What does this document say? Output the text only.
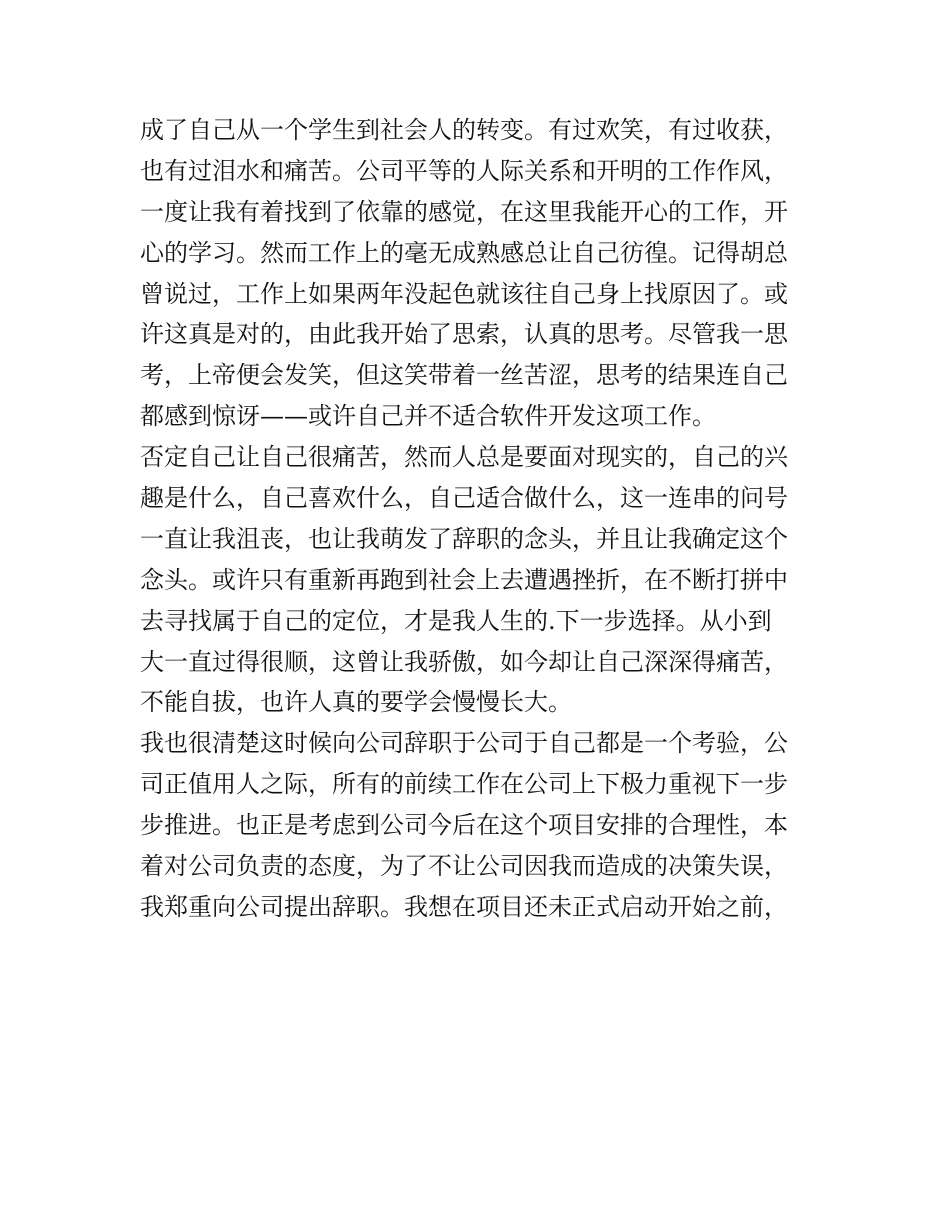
成了自己从一个学生到社会人的转变。有过欢笑，有过收获，
也有过泪水和痛苦。公司平等的人际关系和开明的工作作风，
一度让我有着找到了依靠的感觉，在这里我能开心的工作，开
心的学习。然而工作上的毫无成熟感总让自己彷徨。记得胡总
曾说过，工作上如果两年没起色就该往自己身上找原因了。或
许这真是对的，由此我开始了思索，认真的思考。尽管我一思
考，上帝便会发笑，但这笑带着一丝苦涩，思考的结果连自己
都感到惊讶——或许自己并不适合软件开发这项工作。
否定自己让自己很痛苦，然而人总是要面对现实的，自己的兴
趣是什么，自己喜欢什么，自己适合做什么，这一连串的问号
一直让我沮丧，也让我萌发了辞职的念头，并且让我确定这个
念头。或许只有重新再跑到社会上去遭遇挫折，在不断打拼中
去寻找属于自己的定位，才是我人生的.下一步选择。从小到
大一直过得很顺，这曾让我骄傲，如今却让自己深深得痛苦，
不能自拔，也许人真的要学会慢慢长大。
我也很清楚这时候向公司辞职于公司于自己都是一个考验，公
司正值用人之际，所有的前续工作在公司上下极力重视下一步
步推进。也正是考虑到公司今后在这个项目安排的合理性，本
着对公司负责的态度，为了不让公司因我而造成的决策失误，
我郑重向公司提出辞职。我想在项目还未正式启动开始之前，
